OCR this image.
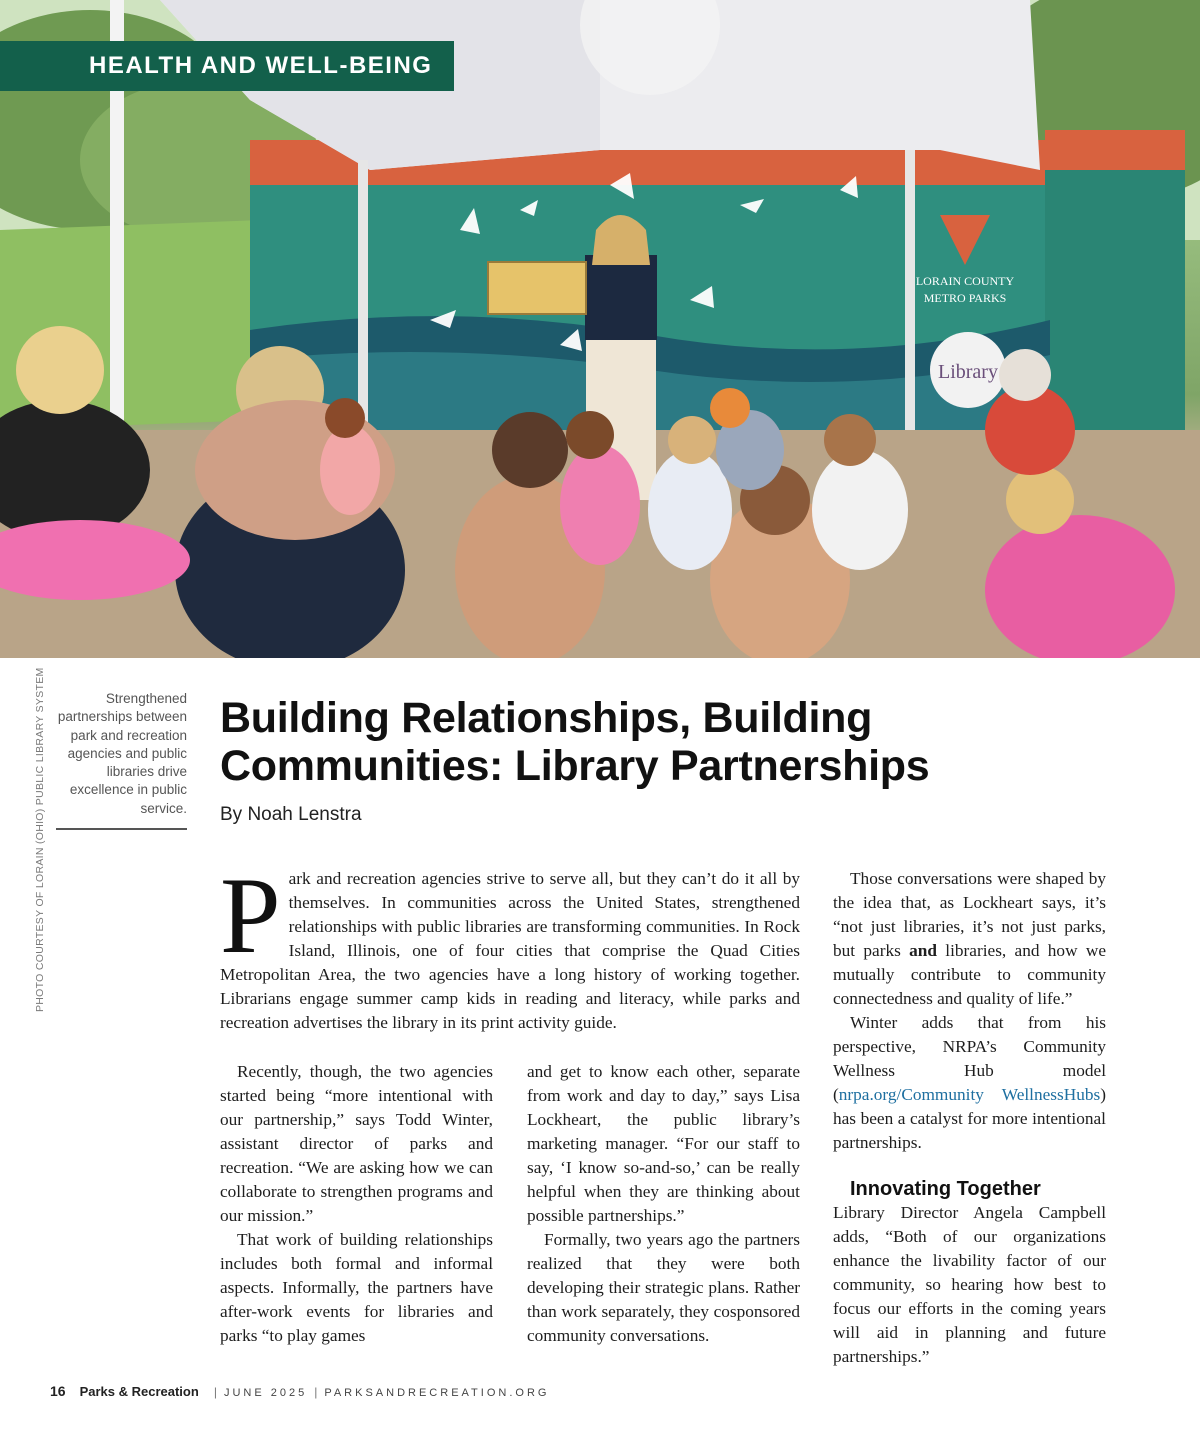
LORAIN COUNTY
METRO PARKS
Library
HEALTH AND WELL-BEING
PHOTO COURTESY OF LORAIN (OHIO) PUBLIC LIBRARY SYSTEM	Strengthened partnerships between park and recreation agencies and public libraries drive excellence in public service.
Building Relationships, Building Communities: Library Partnerships
By Noah Lenstra

Park and recreation agencies strive to serve all, but they can’t do it all by themselves. In communities across the United States, strengthened relationships with public libraries are transforming communities. In Rock Island, Illinois, one of four cities that comprise the Quad Cities Metropolitan Area, the two agencies have a long history of working together. Librarians engage summer camp kids in reading and literacy, while parks and recreation advertises the library in its print activity guide.

Recently, though, the two agencies started being “more intentional with our partnership,” says Todd Winter, assistant director of parks and recreation. “We are asking how we can collaborate to strengthen programs and our mission.”

That work of building relationships includes both formal and informal aspects. Informally, the partners have after-work events for libraries and parks “to play games

and get to know each other, separate from work and day to day,” says Lisa Lockheart, the public library’s marketing manager. “For our staff to say, ‘I know so-and-so,’ can be really helpful when they are thinking about possible partnerships.”

Formally, two years ago the partners realized that they were both developing their strategic plans. Rather than work separately, they cosponsored community conversations.

Those conversations were shaped by the idea that, as Lockheart says, it’s “not just libraries, it’s not just parks, but parks and libraries, and how we mutually contribute to community connectedness and quality of life.”

Winter adds that from his perspective, NRPA’s Community Wellness Hub model (nrpa.org/Community WellnessHubs) has been a catalyst for more intentional partnerships.

Innovating Together

Library Director Angela Campbell adds, “Both of our organizations enhance the livability factor of our community, so hearing how best to focus our efforts in the coming years will aid in planning and future partnerships.”

16 Parks & Recreation | JUNE 2025 | PARKSANDRECREATION.ORG
